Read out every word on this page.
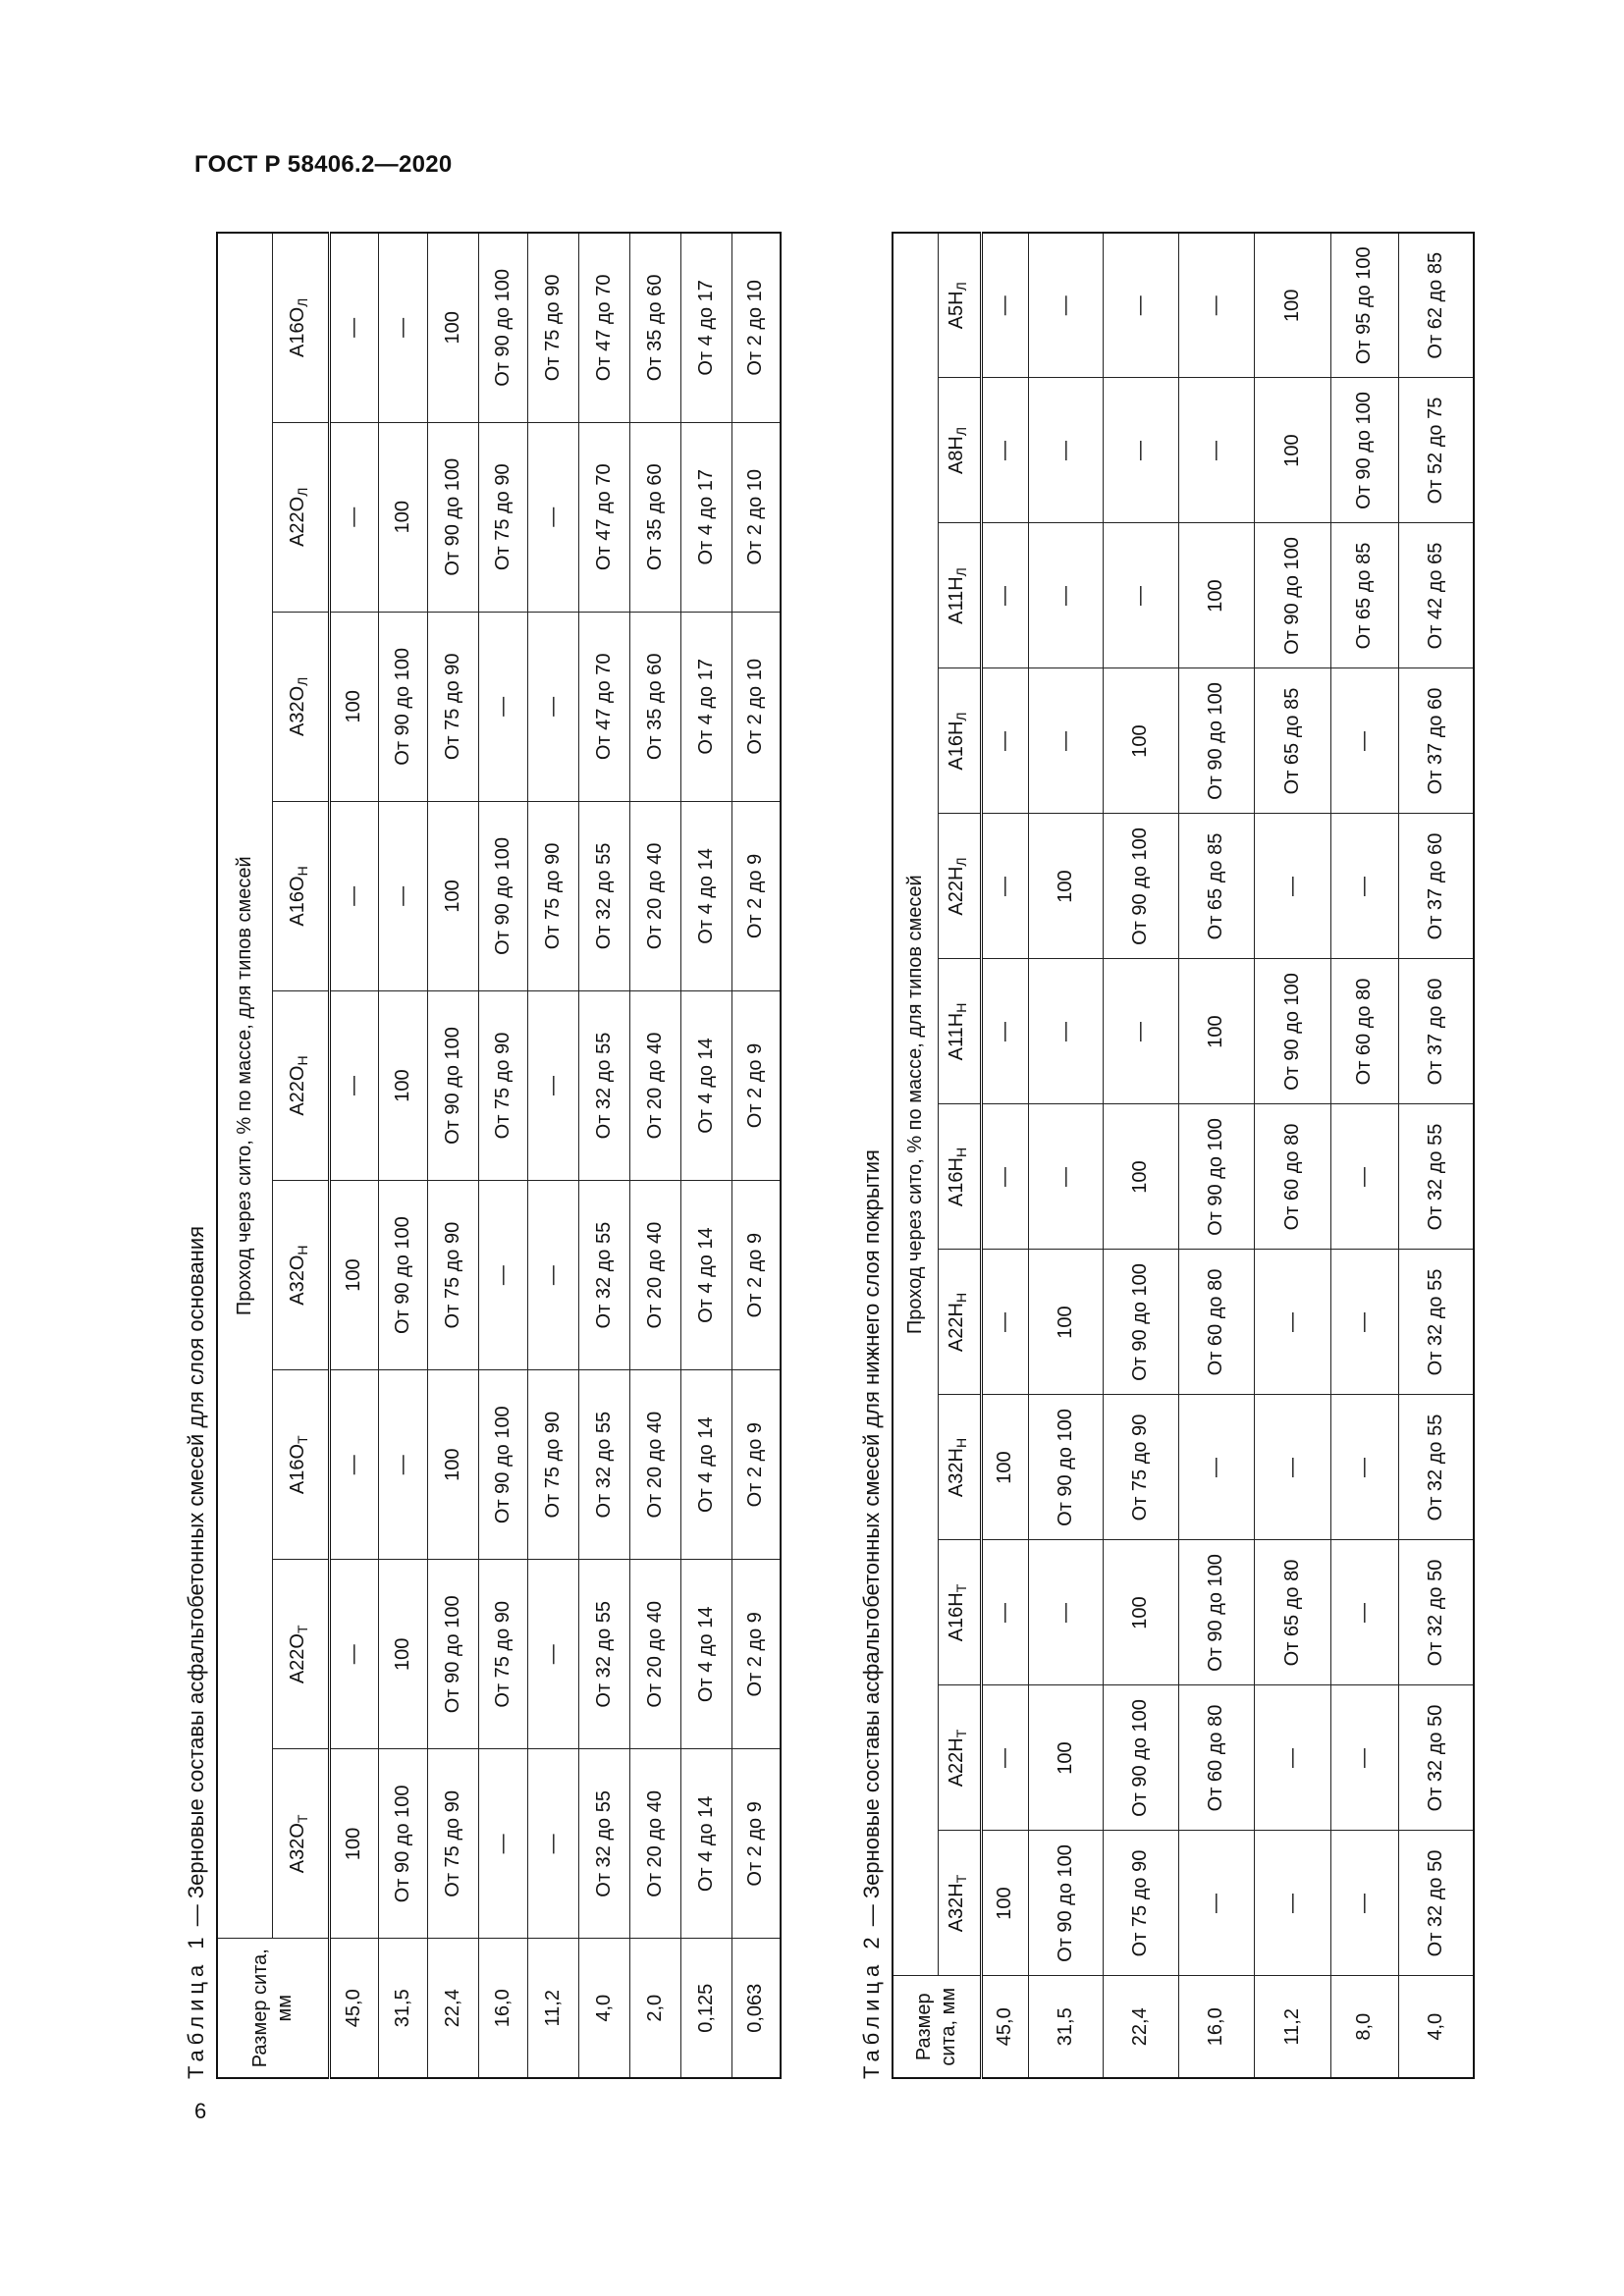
ГОСТ Р 58406.2—2020
6
Таблица 1 — Зерновые составы асфальтобетонных смесей для слоя основания
Размер сита, мм	Проход через сито, % по массе, для типов смесей								
	$А32О_Т$	$А22О_Т$	$А16О_Т$	$А32О_Н$	$А22О_Н$	$А16О_Н$	$А32О_Л$	$А22О_Л$	$А16О_Л$
45,0	100	—	—	100	—	—	100	—	—
31,5	От 90 до 100	100	—	От 90 до 100	100	—	От 90 до 100	100	—
22,4	От 75 до 90	От 90 до 100	100	От 75 до 90	От 90 до 100	100	От 75 до 90	От 90 до 100	100
16,0	—	От 75 до 90	От 90 до 100	—	От 75 до 90	От 90 до 100	—	От 75 до 90	От 90 до 100
11,2	—	—	От 75 до 90	—	—	От 75 до 90	—	—	От 75 до 90
4,0	От 32 до 55	От 32 до 55	От 32 до 55	От 32 до 55	От 32 до 55	От 32 до 55	От 47 до 70	От 47 до 70	От 47 до 70
2,0	От 20 до 40	От 20 до 40	От 20 до 40	От 20 до 40	От 20 до 40	От 20 до 40	От 35 до 60	От 35 до 60	От 35 до 60
0,125	От 4 до 14	От 4 до 14	От 4 до 14	От 4 до 14	От 4 до 14	От 4 до 14	От 4 до 17	От 4 до 17	От 4 до 17
0,063	От 2 до 9	От 2 до 9	От 2 до 9	От 2 до 9	От 2 до 9	От 2 до 9	От 2 до 10	От 2 до 10	От 2 до 10
Таблица 2 — Зерновые составы асфальтобетонных смесей для нижнего слоя покрытия
Размер сита, мм	Проход через сито, % по массе, для типов смесей											
	$А32Н_Т$	$А22Н_Т$	$А16Н_Т$	$А32Н_Н$	$А22Н_Н$	$А16Н_Н$	$А11Н_Н$	$А22Н_Л$	$А16Н_Л$	$А11Н_Л$	$А8Н_Л$	$А5Н_Л$
45,0	100	—	—	100	—	—	—	—	—	—	—	—
31,5	От 90 до 100	100	—	От 90 до 100	100	—	—	100	—	—	—	—
22,4	От 75 до 90	От 90 до 100	100	От 75 до 90	От 90 до 100	100	—	От 90 до 100	100	—	—	—
16,0	—	От 60 до 80	От 90 до 100	—	От 60 до 80	От 90 до 100	100	От 65 до 85	От 90 до 100	100	—	—
11,2	—	—	От 65 до 80	—	—	От 60 до 80	От 90 до 100	—	От 65 до 85	От 90 до 100	100	100
8,0	—	—	—	—	—	—	От 60 до 80	—	—	От 65 до 85	От 90 до 100	От 95 до 100
4,0	От 32 до 50	От 32 до 50	От 32 до 50	От 32 до 55	От 32 до 55	От 32 до 55	От 37 до 60	От 37 до 60	От 37 до 60	От 42 до 65	От 52 до 75	От 62 до 85
